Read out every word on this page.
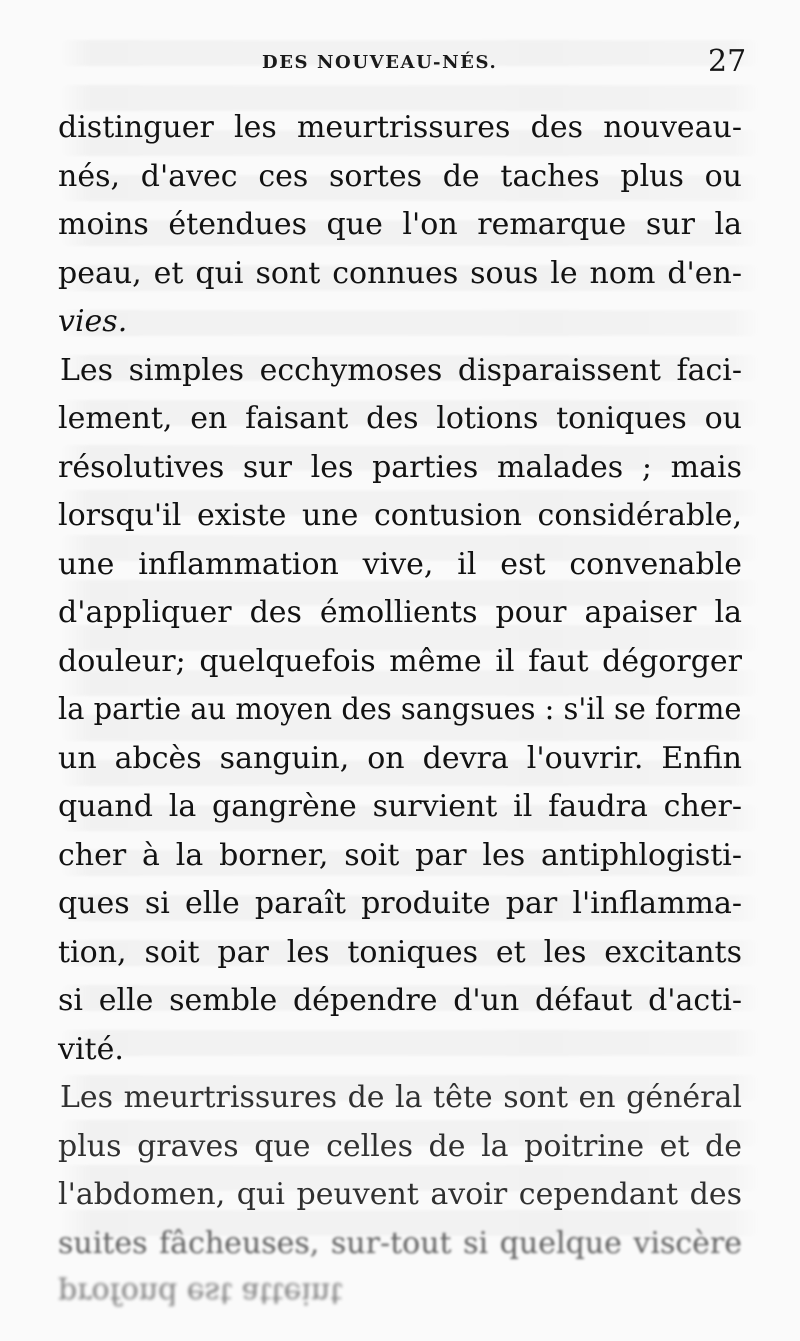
DES NOUVEAU-NÉS.	27
distinguer les meurtrissures des nouveau-
nés, d'avec ces sortes de taches plus ou
moins étendues que l'on remarque sur la
peau, et qui sont connues sous le nom d'en-
vies.
Les simples ecchymoses disparaissent faci-
lement, en faisant des lotions toniques ou
résolutives sur les parties malades ; mais
lorsqu'il existe une contusion considérable,
une inflammation vive, il est convenable
d'appliquer des émollients pour apaiser la
douleur; quelquefois même il faut dégorger
la partie au moyen des sangsues : s'il se forme
un abcès sanguin, on devra l'ouvrir. Enfin
quand la gangrène survient il faudra cher-
cher à la borner, soit par les antiphlogisti-
ques si elle paraît produite par l'inflamma-
tion, soit par les toniques et les excitants
si elle semble dépendre d'un défaut d'acti-
vité.
Les meurtrissures de la tête sont en général
plus graves que celles de la poitrine et de
l'abdomen, qui peuvent avoir cependant des
suites fâcheuses, sur-tout si quelque viscère
profond est atteint
